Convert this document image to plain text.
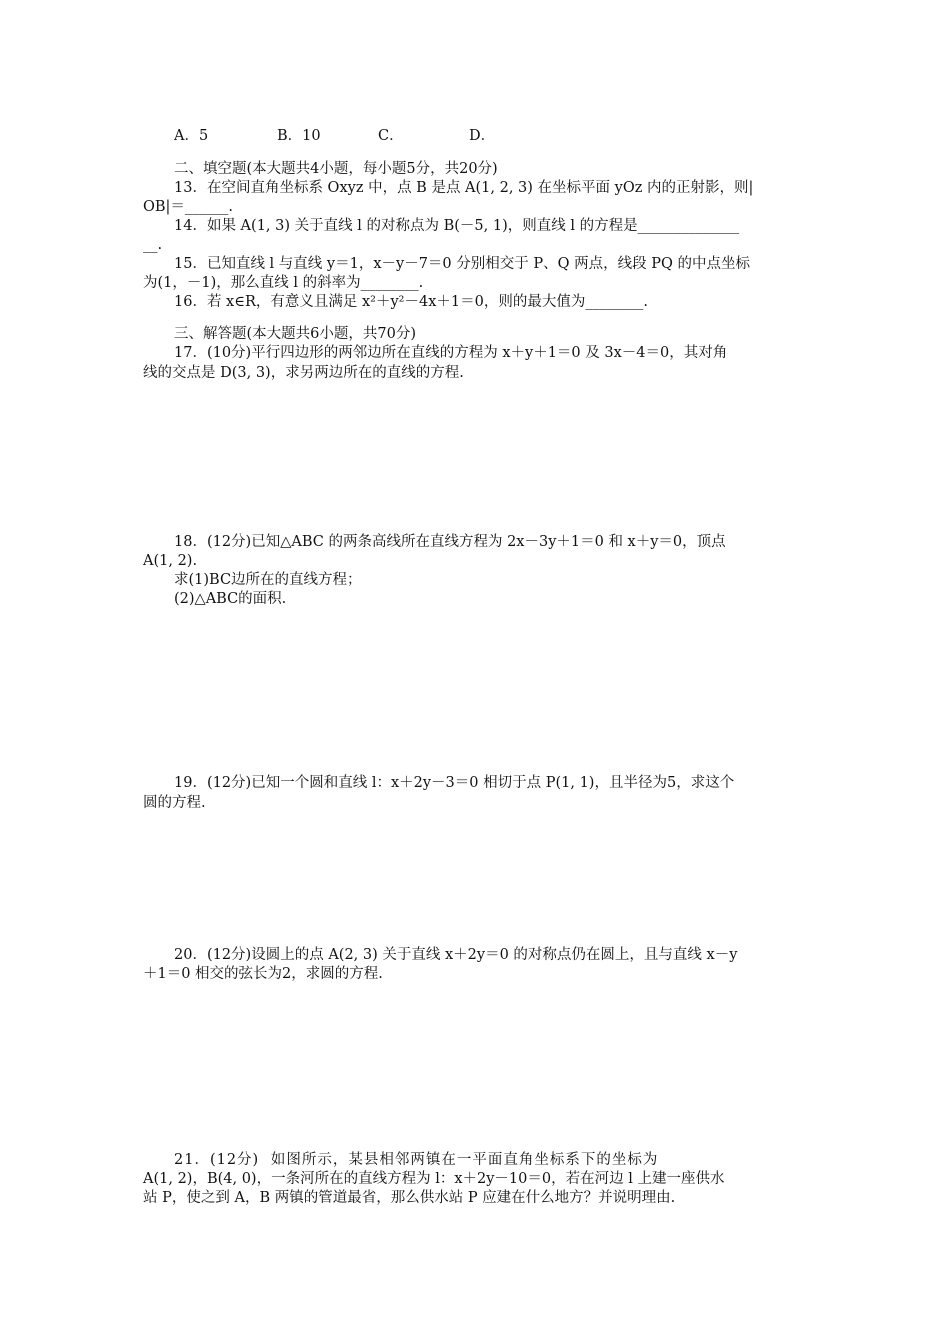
A．5	B．10	C．	D．
二、填空题(本大题共4小题，每小题5分，共20分)
13．在空间直角坐标系 Oxyz 中，点 B 是点 A(1, 2, 3) 在坐标平面 yOz 内的正射影，则|
OB|＝______.
14．如果 A(1, 3) 关于直线 l 的对称点为 B(－5, 1)，则直线 l 的方程是______________
__.
15．已知直线 l 与直线 y＝1，x－y－7＝0 分别相交于 P、Q 两点，线段 PQ 的中点坐标
为(1，－1)，那么直线 l 的斜率为________.
16．若 x∈R，有意义且满足 x²＋y²－4x＋1＝0，则的最大值为________.
三、解答题(本大题共6小题，共70分)
17．(10分)平行四边形的两邻边所在直线的方程为 x＋y＋1＝0 及 3x－4＝0，其对角
线的交点是 D(3, 3)，求另两边所在的直线的方程.
18．(12分)已知△ABC 的两条高线所在直线方程为 2x－3y＋1＝0 和 x＋y＝0，顶点
A(1, 2).
求(1)BC边所在的直线方程；
(2)△ABC的面积.
19．(12分)已知一个圆和直线 l：x＋2y－3＝0 相切于点 P(1, 1)，且半径为5，求这个
圆的方程.
20．(12分)设圆上的点 A(2, 3) 关于直线 x＋2y＝0 的对称点仍在圆上，且与直线 x－y
＋1＝0 相交的弦长为2，求圆的方程.
21．(12分) 如图所示，某县相邻两镇在一平面直角坐标系下的坐标为
A(1, 2)，B(4, 0)，一条河所在的直线方程为 l：x＋2y－10＝0，若在河边 l 上建一座供水
站 P，使之到 A，B 两镇的管道最省，那么供水站 P 应建在什么地方？并说明理由.
